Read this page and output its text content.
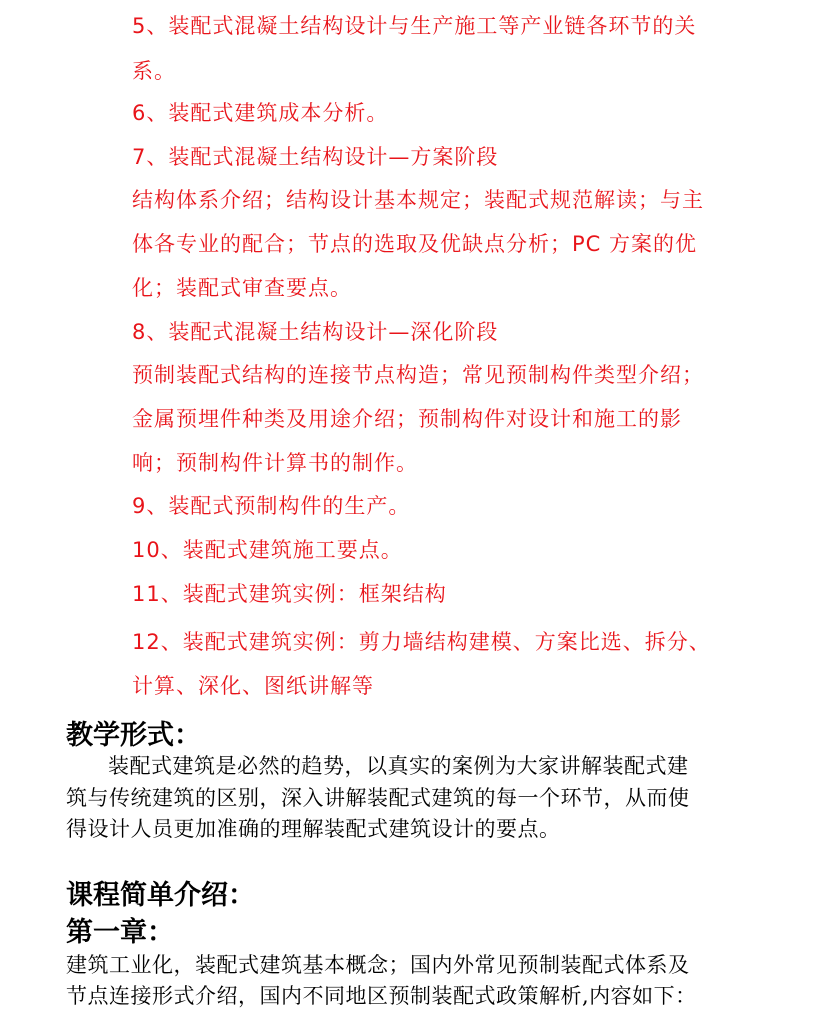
5、装配式混凝土结构设计与生产施工等产业链各环节的关
系。
6、装配式建筑成本分析。
7、装配式混凝土结构设计—方案阶段
结构体系介绍；结构设计基本规定；装配式规范解读；与主
体各专业的配合；节点的选取及优缺点分析；PC 方案的优
化；装配式审查要点。
8、装配式混凝土结构设计—深化阶段
预制装配式结构的连接节点构造；常见预制构件类型介绍；
金属预埋件种类及用途介绍；预制构件对设计和施工的影
响；预制构件计算书的制作。
9、装配式预制构件的生产。
10、装配式建筑施工要点。
11、装配式建筑实例：框架结构
12、装配式建筑实例：剪力墙结构建模、方案比选、拆分、
计算、深化、图纸讲解等
教学形式：
装配式建筑是必然的趋势，以真实的案例为大家讲解装配式建
筑与传统建筑的区别，深入讲解装配式建筑的每一个环节，从而使
得设计人员更加准确的理解装配式建筑设计的要点。
课程简单介绍：
第一章：
建筑工业化，装配式建筑基本概念；国内外常见预制装配式体系及
节点连接形式介绍，国内不同地区预制装配式政策解析,内容如下：
